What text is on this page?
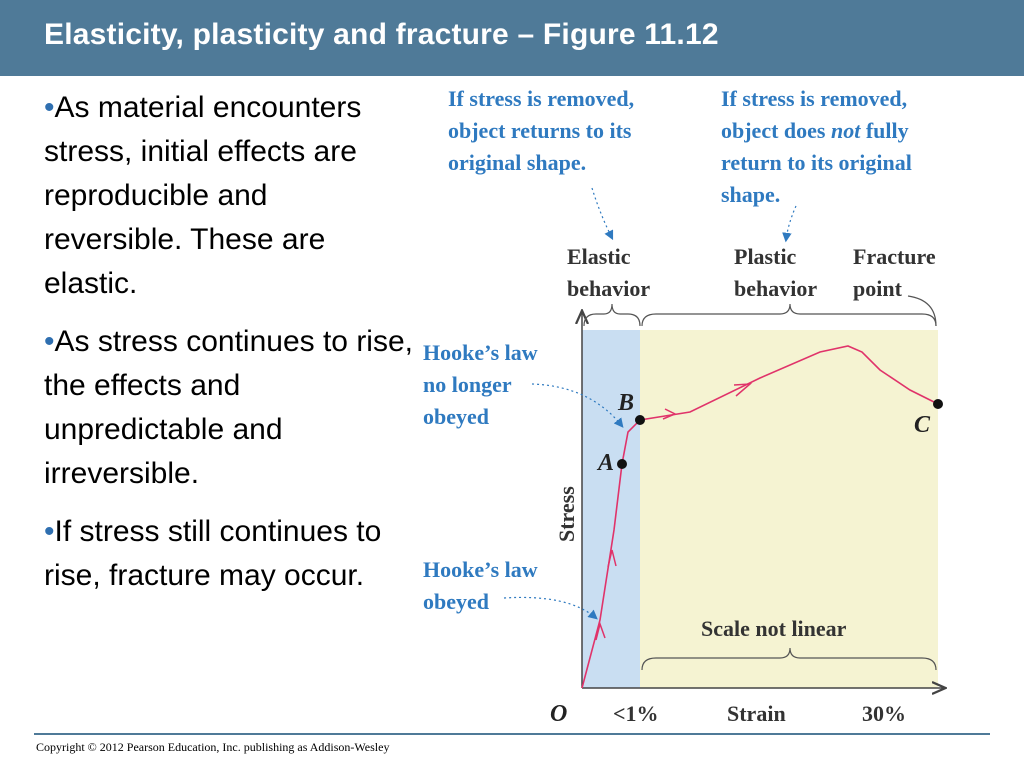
Elasticity, plasticity and fracture – Figure 11.12

•As material encounters stress, initial effects are reproducible and reversible. These are elastic.

•As stress continues to rise, the effects and unpredictable and irreversible.

•If stress still continues to rise, fracture may occur.

A
B
C
If stress is removed,
object returns to its
original shape.
If stress is removed,
object does not fully
return to its original
shape.
Elastic
behavior
Plastic
behavior
Fracture
point
Hooke’s law
no longer
obeyed
Hooke’s law
obeyed
Stress
Scale not linear
O <1%	Strain	30%
Copyright © 2012 Pearson Education, Inc. publishing as Addison-Wesley
